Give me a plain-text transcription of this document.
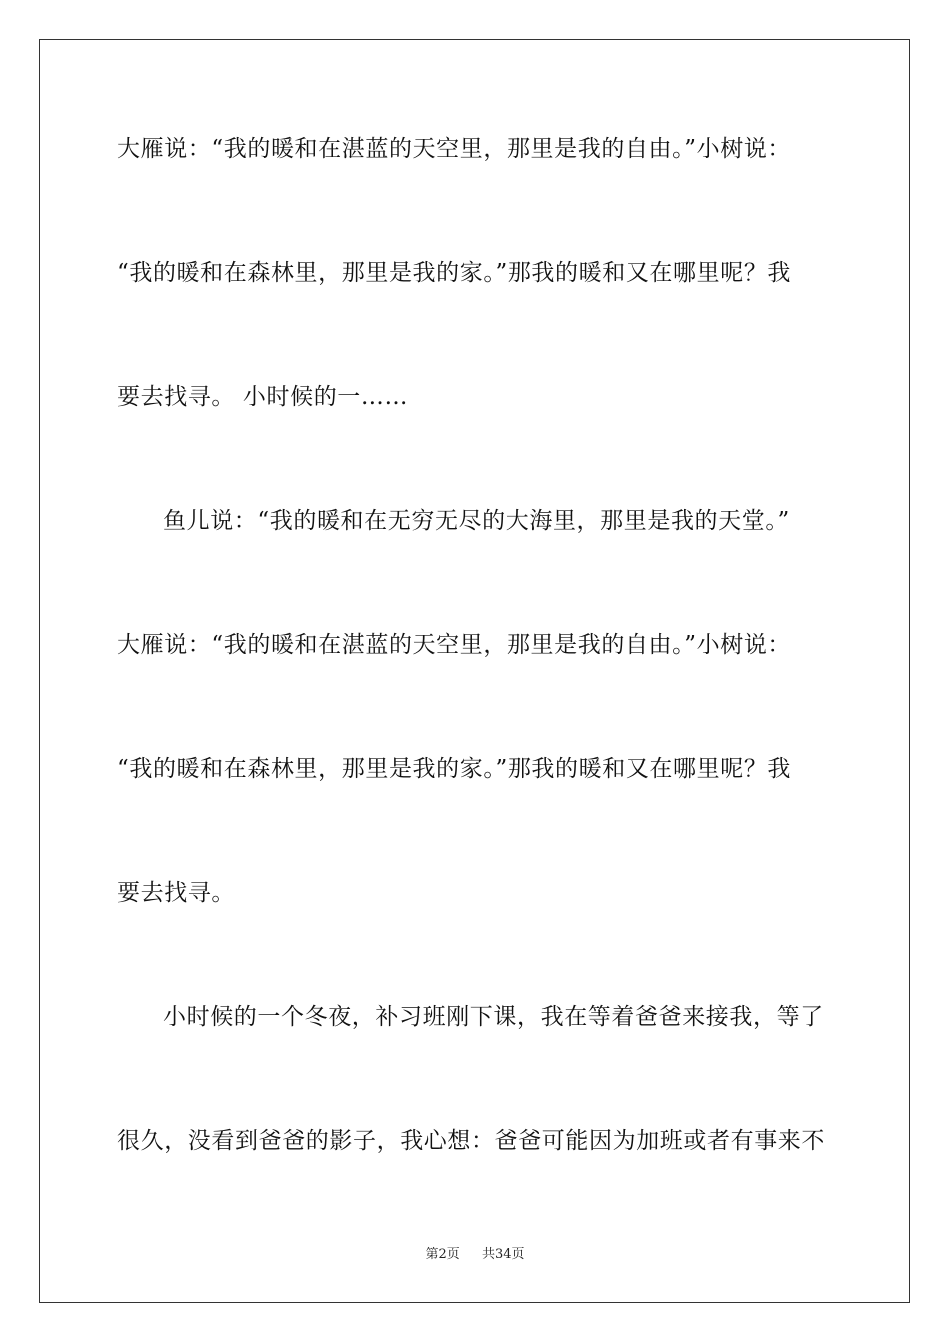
大雁说：“我的暖和在湛蓝的天空里，那里是我的自由。”小树说：
“我的暖和在森林里，那里是我的家。”那我的暖和又在哪里呢？我
要去找寻。 小时候的一……
鱼儿说：“我的暖和在无穷无尽的大海里，那里是我的天堂。”
大雁说：“我的暖和在湛蓝的天空里，那里是我的自由。”小树说：
“我的暖和在森林里，那里是我的家。”那我的暖和又在哪里呢？我
要去找寻。
小时候的一个冬夜，补习班刚下课，我在等着爸爸来接我，等了
很久，没看到爸爸的影子，我心想：爸爸可能因为加班或者有事来不
第2页 共34页
